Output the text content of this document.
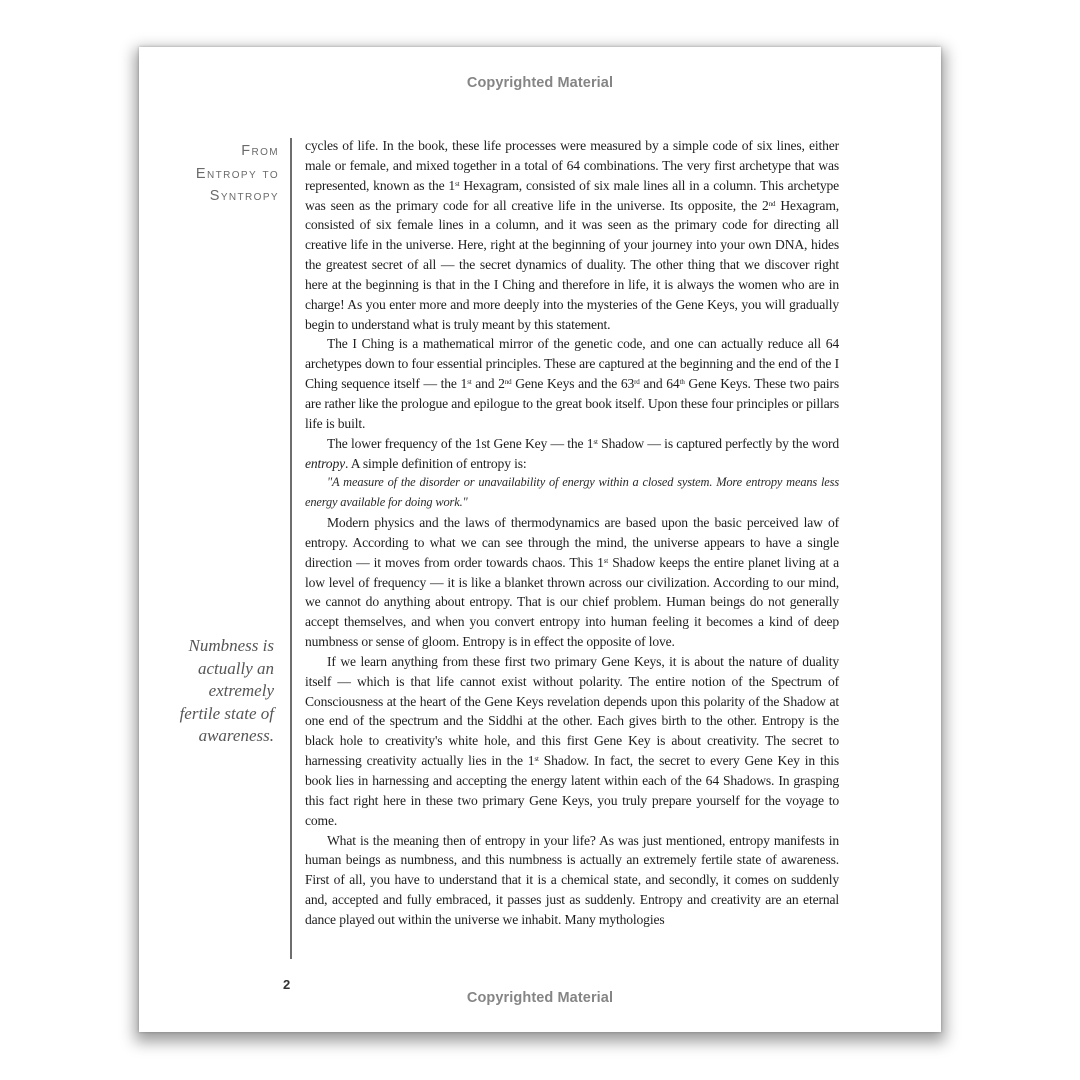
Copyrighted Material
From
Entropy to
Syntropy
Numbness is
actually an
extremely
fertile state of
awareness.

cycles of life. In the book, these life processes were measured by a simple code of six lines, either male or female, and mixed together in a total of 64 combinations. The very first archetype that was represented, known as the 1st Hexagram, consisted of six male lines all in a column. This archetype was seen as the primary code for all creative life in the universe. Its opposite, the 2nd Hexagram, consisted of six female lines in a column, and it was seen as the primary code for directing all creative life in the universe. Here, right at the beginning of your journey into your own DNA, hides the greatest secret of all — the secret dynamics of duality. The other thing that we discover right here at the beginning is that in the I Ching and therefore in life, it is always the women who are in charge! As you enter more and more deeply into the mysteries of the Gene Keys, you will gradually begin to understand what is truly meant by this statement.

The I Ching is a mathematical mirror of the genetic code, and one can actually reduce all 64 archetypes down to four essential principles. These are captured at the beginning and the end of the I Ching sequence itself — the 1st and 2nd Gene Keys and the 63rd and 64th Gene Keys. These two pairs are rather like the prologue and epilogue to the great book itself. Upon these four principles or pillars life is built.

The lower frequency of the 1st Gene Key — the 1st Shadow — is captured perfectly by the word entropy. A simple definition of entropy is:

"A measure of the disorder or unavailability of energy within a closed system. More entropy means less energy available for doing work."

Modern physics and the laws of thermodynamics are based upon the basic perceived law of entropy. According to what we can see through the mind, the universe appears to have a single direction — it moves from order towards chaos. This 1st Shadow keeps the entire planet living at a low level of frequency — it is like a blanket thrown across our civilization. According to our mind, we cannot do anything about entropy. That is our chief problem. Human beings do not generally accept themselves, and when you convert entropy into human feeling it becomes a kind of deep numbness or sense of gloom. Entropy is in effect the opposite of love.

If we learn anything from these first two primary Gene Keys, it is about the nature of duality itself — which is that life cannot exist without polarity. The entire notion of the Spectrum of Consciousness at the heart of the Gene Keys revelation depends upon this polarity of the Shadow at one end of the spectrum and the Siddhi at the other. Each gives birth to the other. Entropy is the black hole to creativity's white hole, and this first Gene Key is about creativity. The secret to harnessing creativity actually lies in the 1st Shadow. In fact, the secret to every Gene Key in this book lies in harnessing and accepting the energy latent within each of the 64 Shadows. In grasping this fact right here in these two primary Gene Keys, you truly prepare yourself for the voyage to come.

What is the meaning then of entropy in your life? As was just mentioned, entropy manifests in human beings as numbness, and this numbness is actually an extremely fertile state of awareness. First of all, you have to understand that it is a chemical state, and secondly, it comes on suddenly and, accepted and fully embraced, it passes just as suddenly. Entropy and creativity are an eternal dance played out within the universe we inhabit. Many mythologies

2
Copyrighted Material
